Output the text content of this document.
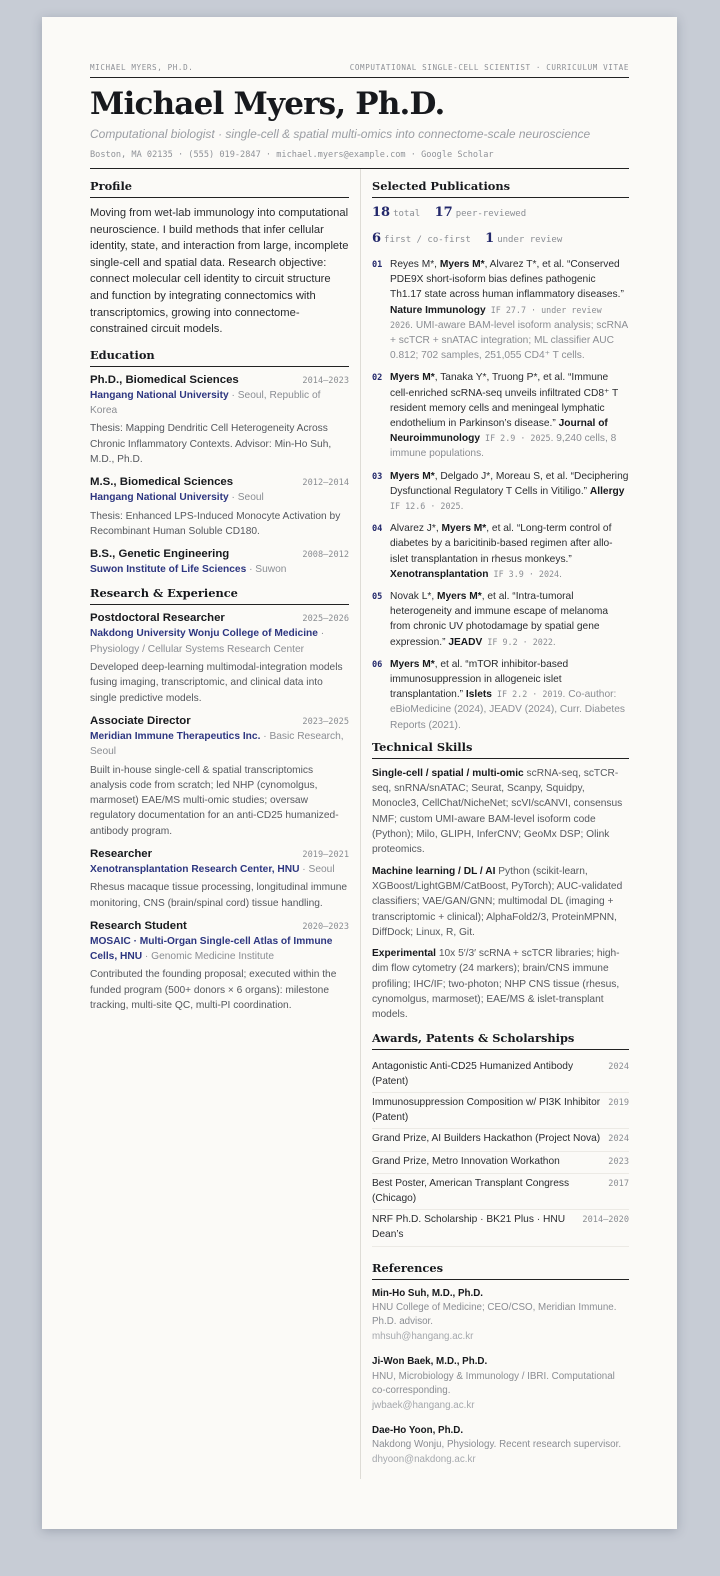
MICHAEL MYERS, PH.D.	COMPUTATIONAL SINGLE-CELL SCIENTIST · CURRICULUM VITAE
Michael Myers, Ph.D.
Computational biologist · single-cell & spatial multi-omics into connectome-scale neuroscience
Boston, MA 02135 · (555) 019-2847 · michael.myers@example.com · Google Scholar
Profile
Moving from wet-lab immunology into computational neuroscience. I build methods that infer cellular identity, state, and interaction from large, incomplete single-cell and spatial data. Research objective: connect molecular cell identity to circuit structure and function by integrating connectomics with transcriptomics, growing into connectome-constrained circuit models.
Education
Ph.D., Biomedical Sciences	2014–2023
Hangang National University · Seoul, Republic of Korea
Thesis: Mapping Dendritic Cell Heterogeneity Across Chronic Inflammatory Contexts. Advisor: Min-Ho Suh, M.D., Ph.D.
M.S., Biomedical Sciences	2012–2014
Hangang National University · Seoul
Thesis: Enhanced LPS-Induced Monocyte Activation by Recombinant Human Soluble CD180.
B.S., Genetic Engineering	2008–2012
Suwon Institute of Life Sciences · Suwon
Research & Experience
Postdoctoral Researcher	2025–2026
Nakdong University Wonju College of Medicine · Physiology / Cellular Systems Research Center
Developed deep-learning multimodal-integration models fusing imaging, transcriptomic, and clinical data into single predictive models.
Associate Director	2023–2025
Meridian Immune Therapeutics Inc. · Basic Research, Seoul
Built in-house single-cell & spatial transcriptomics analysis code from scratch; led NHP (cynomolgus, marmoset) EAE/MS multi-omic studies; oversaw regulatory documentation for an anti-CD25 humanized-antibody program.
Researcher	2019–2021
Xenotransplantation Research Center, HNU · Seoul
Rhesus macaque tissue processing, longitudinal immune monitoring, CNS (brain/spinal cord) tissue handling.
Research Student	2020–2023
MOSAIC · Multi-Organ Single-cell Atlas of Immune Cells, HNU · Genomic Medicine Institute
Contributed the founding proposal; executed within the funded program (500+ donors × 6 organs): milestone tracking, multi-site QC, multi-PI coordination.
Selected Publications
18 total 17 peer-reviewed
6 first / co-first 1 under review
01 Reyes M*, Myers M*, Alvarez T*, et al. “Conserved PDE9X short-isoform bias defines pathogenic Th1.17 state across human inflammatory diseases.” Nature Immunology IF 27.7 · under review 2026. UMI-aware BAM-level isoform analysis; scRNA + scTCR + snATAC integration; ML classifier AUC 0.812; 702 samples, 251,055 CD4⁺ T cells.
02 Myers M*, Tanaka Y*, Truong P*, et al. “Immune cell-enriched scRNA-seq unveils infiltrated CD8⁺ T resident memory cells and meningeal lymphatic endothelium in Parkinson’s disease.” Journal of Neuroimmunology IF 2.9 · 2025. 9,240 cells, 8 immune populations.
03 Myers M*, Delgado J*, Moreau S, et al. “Deciphering Dysfunctional Regulatory T Cells in Vitiligo.” Allergy IF 12.6 · 2025.
04 Alvarez J*, Myers M*, et al. “Long-term control of diabetes by a baricitinib-based regimen after allo-islet transplantation in rhesus monkeys.” Xenotransplantation IF 3.9 · 2024.
05 Novak L*, Myers M*, et al. “Intra-tumoral heterogeneity and immune escape of melanoma from chronic UV photodamage by spatial gene expression.” JEADV IF 9.2 · 2022.
06 Myers M*, et al. “mTOR inhibitor-based immunosuppression in allogeneic islet transplantation.” Islets IF 2.2 · 2019. Co-author: eBioMedicine (2024), JEADV (2024), Curr. Diabetes Reports (2021).
Technical Skills
Single-cell / spatial / multi-omic scRNA-seq, scTCR-seq, snRNA/snATAC; Seurat, Scanpy, Squidpy, Monocle3, CellChat/NicheNet; scVI/scANVI, consensus NMF; custom UMI-aware BAM-level isoform code (Python); Milo, GLIPH, InferCNV; GeoMx DSP; Olink proteomics.
Machine learning / DL / AI Python (scikit-learn, XGBoost/LightGBM/CatBoost, PyTorch); AUC-validated classifiers; VAE/GAN/GNN; multimodal DL (imaging + transcriptomic + clinical); AlphaFold2/3, ProteinMPNN, DiffDock; Linux, R, Git.
Experimental 10x 5′/3′ scRNA + scTCR libraries; high-dim flow cytometry (24 markers); brain/CNS immune profiling; IHC/IF; two-photon; NHP CNS tissue (rhesus, cynomolgus, marmoset); EAE/MS & islet-transplant models.
Awards, Patents & Scholarships
Antagonistic Anti-CD25 Humanized Antibody (Patent)
2024
Immunosuppression Composition w/ PI3K Inhibitor (Patent)
2019
Grand Prize, AI Builders Hackathon (Project Nova) 2024
Grand Prize, Metro Innovation Workathon	2023
Best Poster, American Transplant Congress (Chicago)
2017
NRF Ph.D. Scholarship · BK21 Plus · HNU Dean’s
2014–2020
References
Min-Ho Suh, M.D., Ph.D.
HNU College of Medicine; CEO/CSO, Meridian Immune. Ph.D. advisor.
mhsuh@hangang.ac.kr
Ji-Won Baek, M.D., Ph.D.
HNU, Microbiology & Immunology / IBRI. Computational co-corresponding.
jwbaek@hangang.ac.kr
Dae-Ho Yoon, Ph.D.
Nakdong Wonju, Physiology. Recent research supervisor.
dhyoon@nakdong.ac.kr
